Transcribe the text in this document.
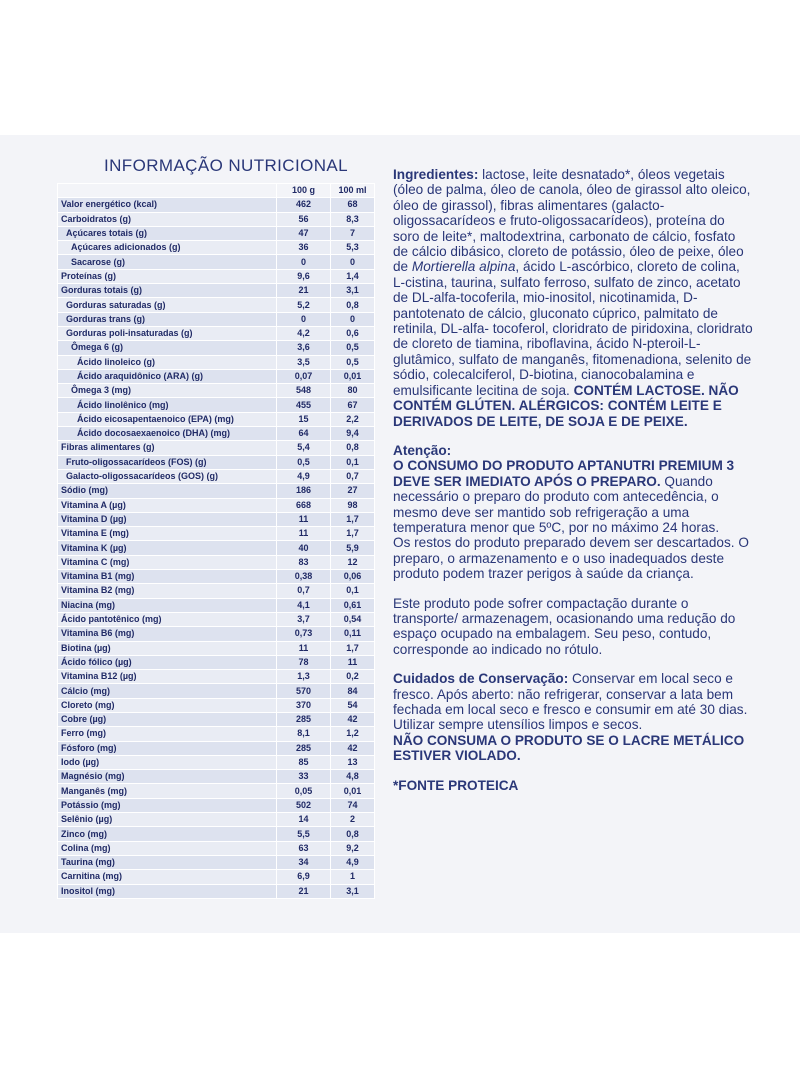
INFORMAÇÃO NUTRICIONAL
	100 g	100 ml
Valor energético (kcal)	462	68
Carboidratos (g)	56	8,3
Açúcares totais (g)	47	7
Açúcares adicionados (g)	36	5,3
Sacarose (g)	0	0
Proteínas (g)	9,6	1,4
Gorduras totais (g)	21	3,1
Gorduras saturadas (g)	5,2	0,8
Gorduras trans (g)	0	0
Gorduras poli-insaturadas (g)	4,2	0,6
Ômega 6 (g)	3,6	0,5
Ácido linoleico (g)	3,5	0,5
Ácido araquidônico (ARA) (g)	0,07	0,01
Ômega 3 (mg)	548	80
Ácido linolênico (mg)	455	67
Ácido eicosapentaenoico (EPA) (mg)	15	2,2
Ácido docosaexaenoico (DHA) (mg)	64	9,4
Fibras alimentares (g)	5,4	0,8
Fruto-oligossacarídeos (FOS) (g)	0,5	0,1
Galacto-oligossacarídeos (GOS) (g)	4,9	0,7
Sódio (mg)	186	27
Vitamina A (µg)	668	98
Vitamina D (µg)	11	1,7
Vitamina E (mg)	11	1,7
Vitamina K (µg)	40	5,9
Vitamina C (mg)	83	12
Vitamina B1 (mg)	0,38	0,06
Vitamina B2 (mg)	0,7	0,1
Niacina (mg)	4,1	0,61
Ácido pantotênico (mg)	3,7	0,54
Vitamina B6 (mg)	0,73	0,11
Biotina (µg)	11	1,7
Ácido fólico (µg)	78	11
Vitamina B12 (µg)	1,3	0,2
Cálcio (mg)	570	84
Cloreto (mg)	370	54
Cobre (µg)	285	42
Ferro (mg)	8,1	1,2
Fósforo (mg)	285	42
Iodo (µg)	85	13
Magnésio (mg)	33	4,8
Manganês (mg)	0,05	0,01
Potássio (mg)	502	74
Selênio (µg)	14	2
Zinco (mg)	5,5	0,8
Colina (mg)	63	9,2
Taurina (mg)	34	4,9
Carnitina (mg)	6,9	1
Inositol (mg)	21	3,1

Ingredientes: lactose, leite desnatado*, óleos vegetais (óleo de palma, óleo de canola, óleo de girassol alto oleico, óleo de girassol), fibras alimentares (galacto-oligossacarídeos e fruto-oligossacarídeos), proteína do soro de leite*, maltodextrina, carbonato de cálcio, fosfato de cálcio dibásico, cloreto de potássio, óleo de peixe, óleo de Mortierella alpina, ácido L-ascórbico, cloreto de colina, L-cistina, taurina, sulfato ferroso, sulfato de zinco, acetato de DL-alfa-tocoferila, mio-inositol, nicotinamida, D-pantotenato de cálcio, gluconato cúprico, palmitato de retinila, DL-alfa- tocoferol, cloridrato de piridoxina, cloridrato de cloreto de tiamina, riboflavina, ácido N-pteroil-L-glutâmico, sulfato de manganês, fitomenadiona, selenito de sódio, colecalciferol, D-biotina, cianocobalamina e emulsificante lecitina de soja. CONTÉM LACTOSE. NÃO CONTÉM GLÚTEN. ALÉRGICOS: CONTÉM LEITE E DERIVADOS DE LEITE, DE SOJA E DE PEIXE.

Atenção:
O CONSUMO DO PRODUTO APTANUTRI PREMIUM 3 DEVE SER IMEDIATO APÓS O PREPARO. Quando necessário o preparo do produto com antecedência, o mesmo deve ser mantido sob refrigeração a uma temperatura menor que 5ºC, por no máximo 24 horas.

Os restos do produto preparado devem ser descartados. O preparo, o armazenamento e o uso inadequados deste produto podem trazer perigos à saúde da criança.

Este produto pode sofrer compactação durante o transporte/ armazenagem, ocasionando uma redução do espaço ocupado na embalagem. Seu peso, contudo, corresponde ao indicado no rótulo.

Cuidados de Conservação: Conservar em local seco e fresco. Após aberto: não refrigerar, conservar a lata bem fechada em local seco e fresco e consumir em até 30 dias. Utilizar sempre utensílios limpos e secos.
NÃO CONSUMA O PRODUTO SE O LACRE METÁLICO ESTIVER VIOLADO.

*FONTE PROTEICA
